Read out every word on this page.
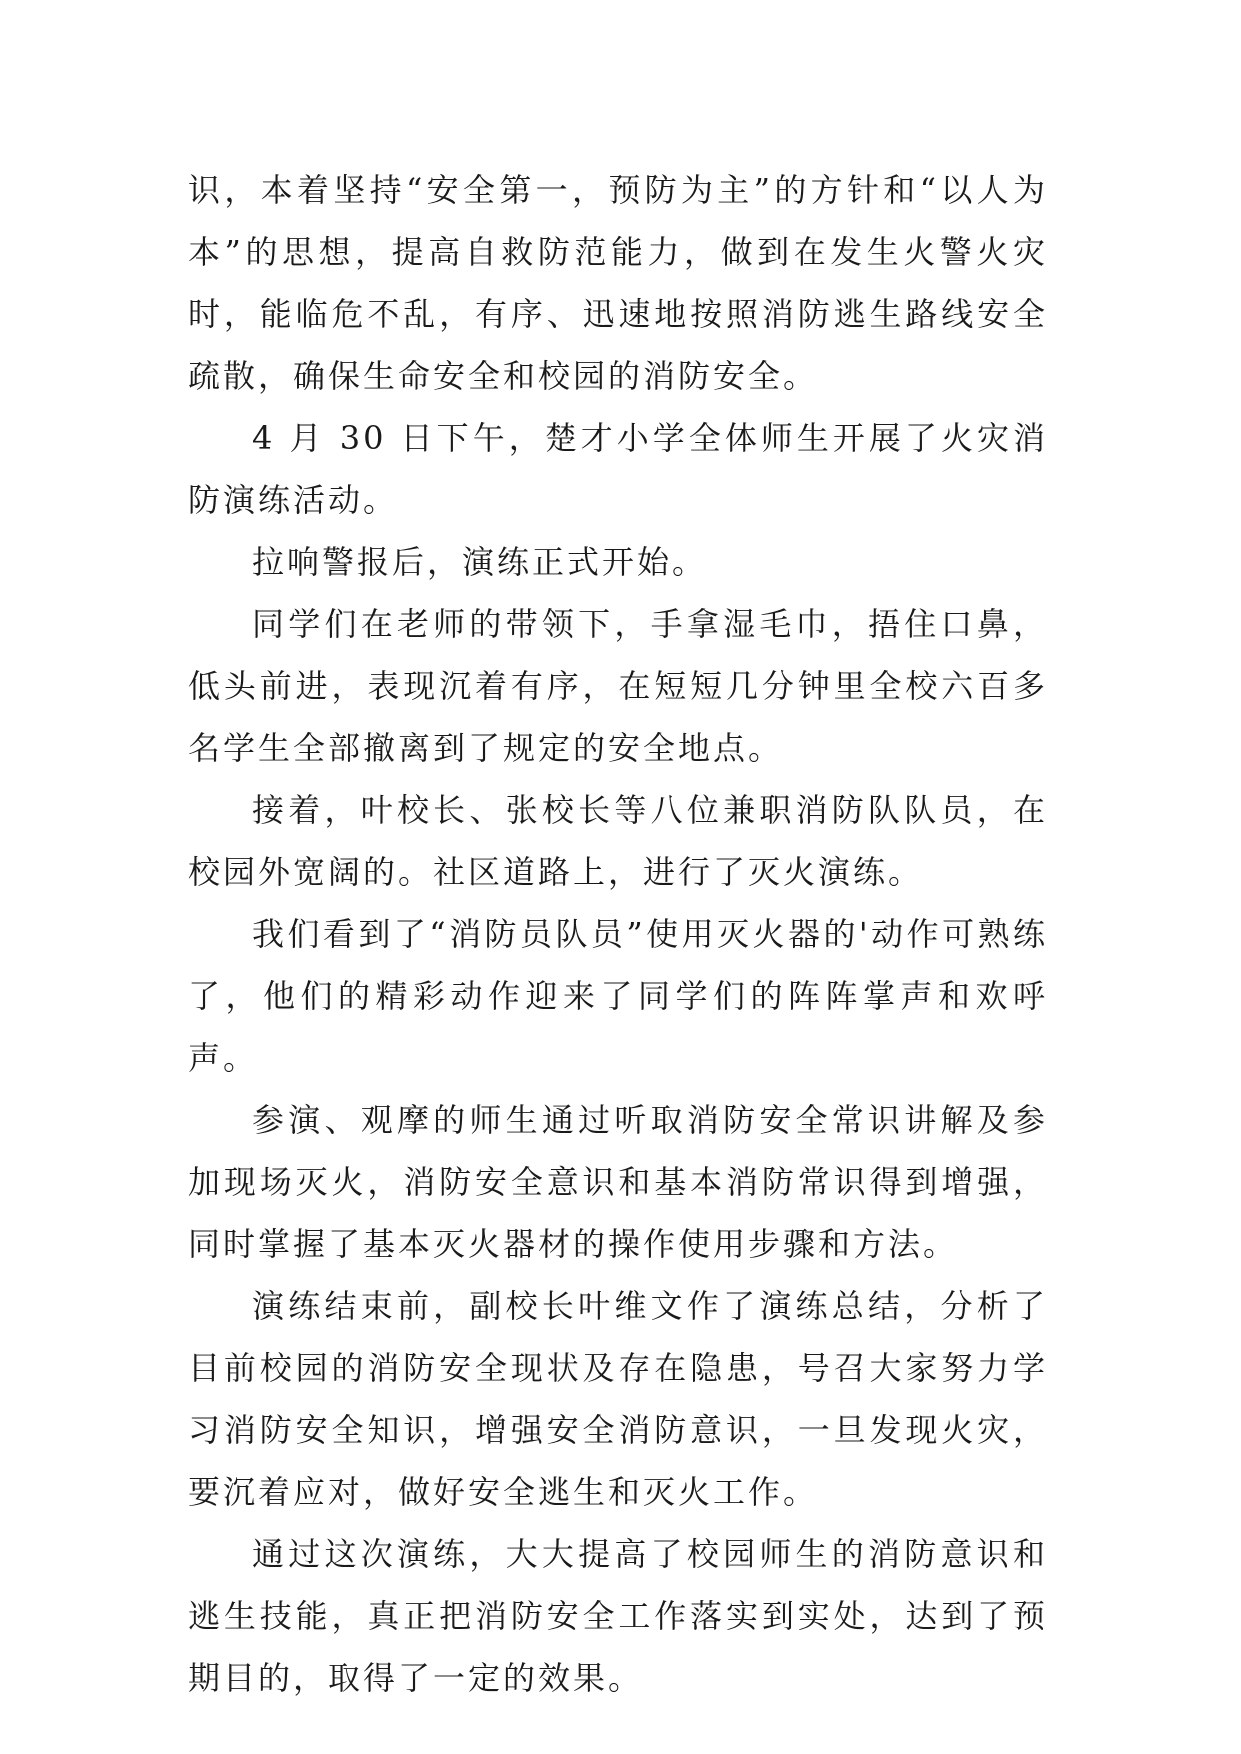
识，本着坚持“安全第一，预防为主”的方针和“以人为本”的思想，提高自救防范能力，做到在发生火警火灾时，能临危不乱，有序、迅速地按照消防逃生路线安全疏散，确保生命安全和校园的消防安全。

4 月 30 日下午，楚才小学全体师生开展了火灾消防演练活动。

拉响警报后，演练正式开始。

同学们在老师的带领下，手拿湿毛巾，捂住口鼻，低头前进，表现沉着有序，在短短几分钟里全校六百多名学生全部撤离到了规定的安全地点。

接着，叶校长、张校长等八位兼职消防队队员，在校园外宽阔的。社区道路上，进行了灭火演练。

我们看到了“消防员队员”使用灭火器的'动作可熟练了，他们的精彩动作迎来了同学们的阵阵掌声和欢呼声。

参演、观摩的师生通过听取消防安全常识讲解及参加现场灭火，消防安全意识和基本消防常识得到增强，同时掌握了基本灭火器材的操作使用步骤和方法。

演练结束前，副校长叶维文作了演练总结，分析了目前校园的消防安全现状及存在隐患，号召大家努力学习消防安全知识，增强安全消防意识，一旦发现火灾，要沉着应对，做好安全逃生和灭火工作。

通过这次演练，大大提高了校园师生的消防意识和逃生技能，真正把消防安全工作落实到实处，达到了预期目的，取得了一定的效果。
